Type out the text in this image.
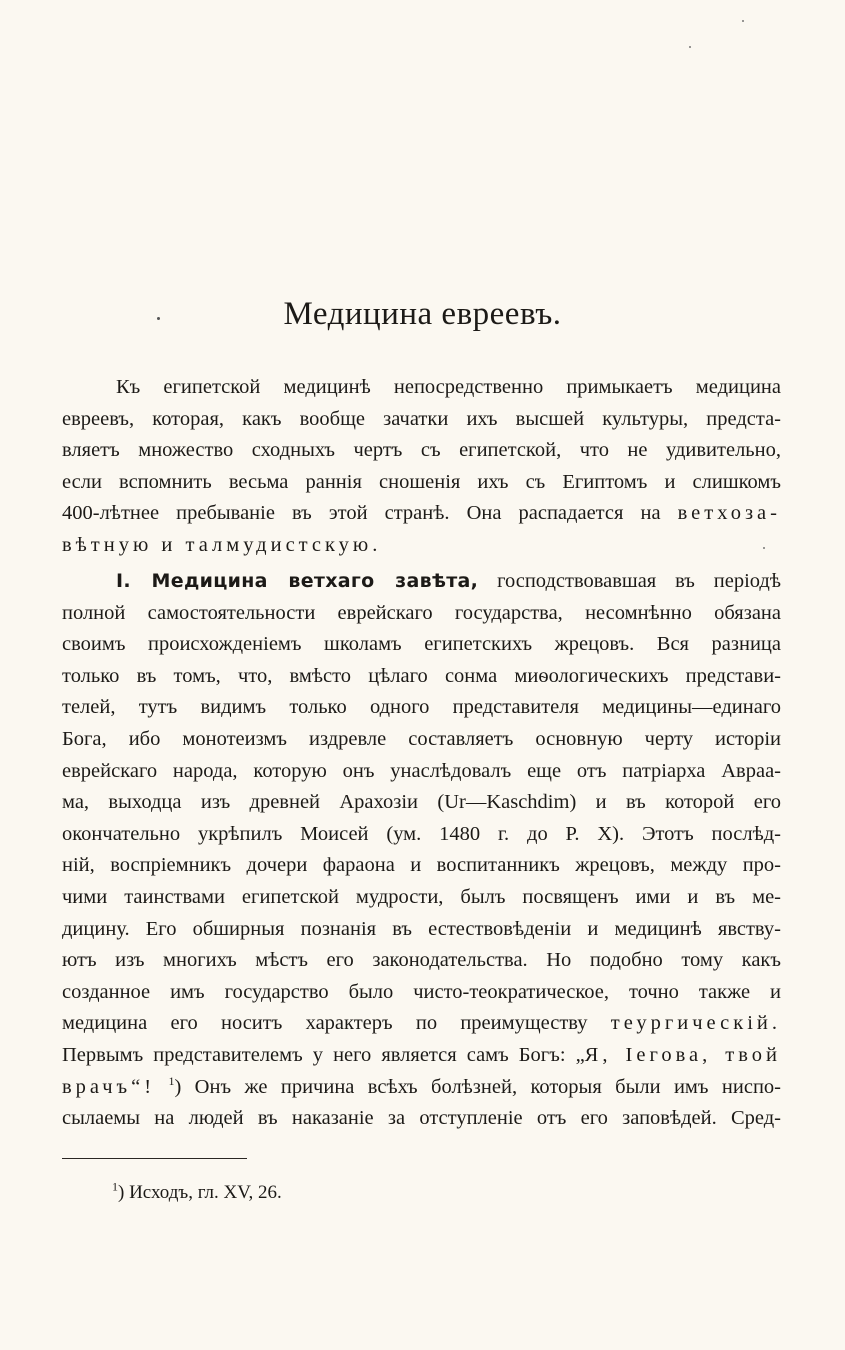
Медицина евреевъ.
Къ египетской медицинѣ непосредственно примыкаетъ медицина
евреевъ, которая, какъ вообще зачатки ихъ высшей культуры, предста-
вляетъ множество сходныхъ чертъ съ египетской, что не удивительно,
если вспомнить весьма раннія сношенія ихъ съ Египтомъ и слишкомъ
400-лѣтнее пребываніе въ этой странѣ. Она распадается на ветхоза-
вѣтную и талмудистскую.
I. Медицина ветхаго завѣта, господствовавшая въ періодѣ
полной самостоятельности еврейскаго государства, несомнѣнно обязана
своимъ происхожденіемъ школамъ египетскихъ жрецовъ. Вся разница
только въ томъ, что, вмѣсто цѣлаго сонма миѳологическихъ представи-
телей, тутъ видимъ только одного представителя медицины—единаго
Бога, ибо монотеизмъ издревле составляетъ основную черту исторіи
еврейскаго народа, которую онъ унаслѣдовалъ еще отъ патріарха Авраа-
ма, выходца изъ древней Арахозіи (Ur—Kaschdim) и въ которой его
окончательно укрѣпилъ Моисей (ум. 1480 г. до Р. X). Этотъ послѣд-
ній, воспріемникъ дочери фараона и воспитанникъ жрецовъ, между про-
чими таинствами египетской мудрости, былъ посвященъ ими и въ ме-
дицину. Его обширныя познанія въ естествовѣденіи и медицинѣ явству-
ютъ изъ многихъ мѣстъ его законодательства. Но подобно тому какъ
созданное имъ государство было чисто-теократическое, точно также и
медицина его носитъ характеръ по преимуществу теургическій.
Первымъ представителемъ у него является самъ Богъ: „Я, Іегова, твой
врачъ“! $^1$) Онъ же причина всѣхъ болѣзней, которыя были имъ ниспо-
сылаемы на людей въ наказаніе за отступленіе отъ его заповѣдей. Сред-
$^1$) Исходъ, гл. XV, 26.
